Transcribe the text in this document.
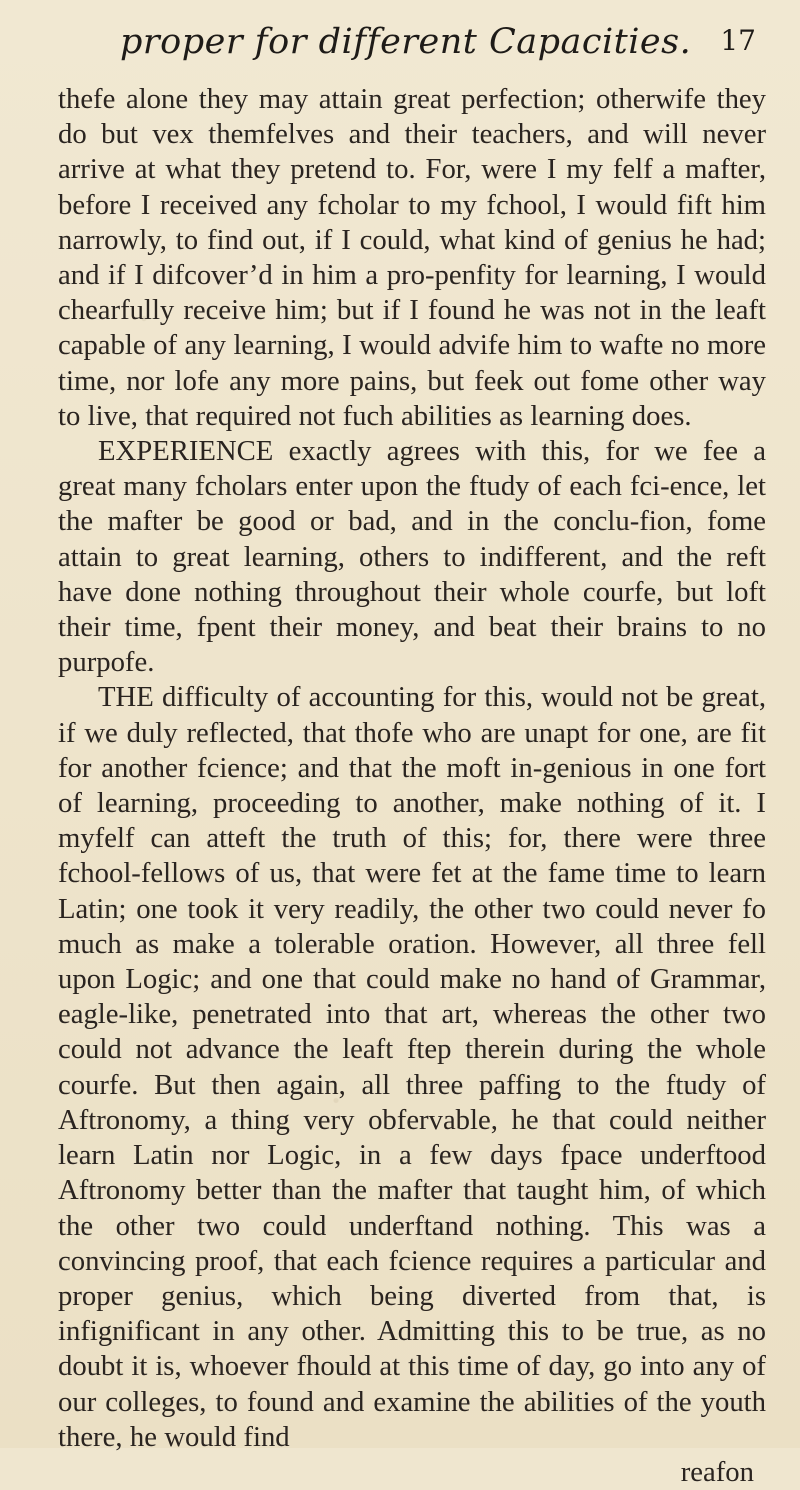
proper for different Capacities. 17

thefe alone they may attain great perfection; otherwife they do but vex themfelves and their teachers, and will never arrive at what they pretend to. For, were I my felf a mafter, before I received any fcholar to my fchool, I would fift him narrowly, to find out, if I could, what kind of genius he had; and if I difcover’d in him a pro-penfity for learning, I would chearfully receive him; but if I found he was not in the leaft capable of any learning, I would advife him to wafte no more time, nor lofe any more pains, but feek out fome other way to live, that required not fuch abilities as learning does.

EXPERIENCE exactly agrees with this, for we fee a great many fcholars enter upon the ftudy of each fci-ence, let the mafter be good or bad, and in the conclu-fion, fome attain to great learning, others to indifferent, and the reft have done nothing throughout their whole courfe, but loft their time, fpent their money, and beat their brains to no purpofe.

THE difficulty of accounting for this, would not be great, if we duly reflected, that thofe who are unapt for one, are fit for another fcience; and that the moft in-genious in one fort of learning, proceeding to another, make nothing of it. I myfelf can atteft the truth of this; for, there were three fchool-fellows of us, that were fet at the fame time to learn Latin; one took it very readily, the other two could never fo much as make a tolerable oration. However, all three fell upon Logic; and one that could make no hand of Grammar, eagle-like, penetrated into that art, whereas the other two could not advance the leaft ftep therein during the whole courfe. But then again, all three paffing to the ftudy of Aftronomy, a thing very obfervable, he that could neither learn Latin nor Logic, in a few days fpace underftood Aftronomy better than the mafter that taught him, of which the other two could underftand nothing. This was a convincing proof, that each fcience requires a particular and proper genius, which being diverted from that, is infignificant in any other. Admitting this to be true, as no doubt it is, whoever fhould at this time of day, go into any of our colleges, to found and examine the abilities of the youth there, he would find

reafon
